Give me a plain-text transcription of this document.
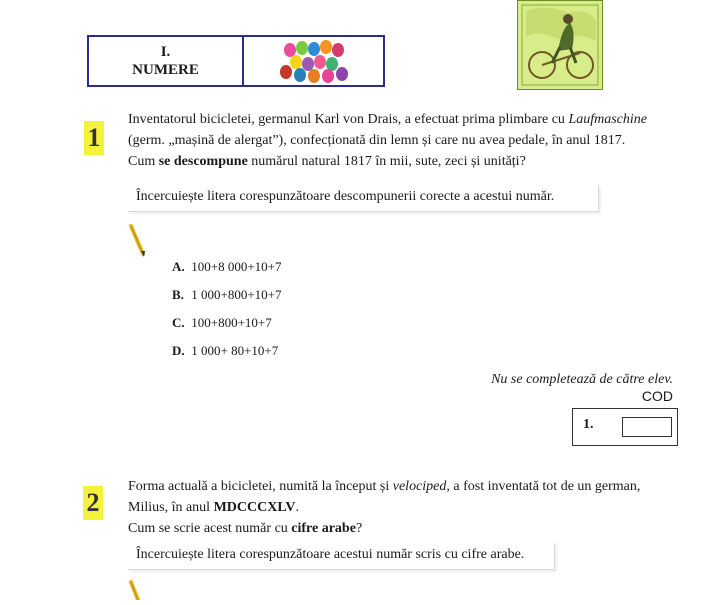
I.
NUMERE
1
Inventatorul bicicletei, germanul Karl von Drais, a efectuat prima plimbare cu Laufmaschine
(germ. „mașină de alergat”), confecționată din lemn și care nu avea pedale, în anul 1817.
Cum se descompune numărul natural 1817 în mii, sute, zeci și unități?
Încercuiește litera corespunzătoare descompunerii corecte a acestui număr.
A. 100+8 000+10+7
B. 1 000+800+10+7
C. 100+800+10+7
D. 1 000+ 80+10+7
Nu se completează de către elev.
COD
1.
2
Forma actuală a bicicletei, numită la început și velociped, a fost inventată tot de un german,
Milius, în anul MDCCCXLV.
Cum se scrie acest număr cu cifre arabe?
Încercuiește litera corespunzătoare acestui număr scris cu cifre arabe.
